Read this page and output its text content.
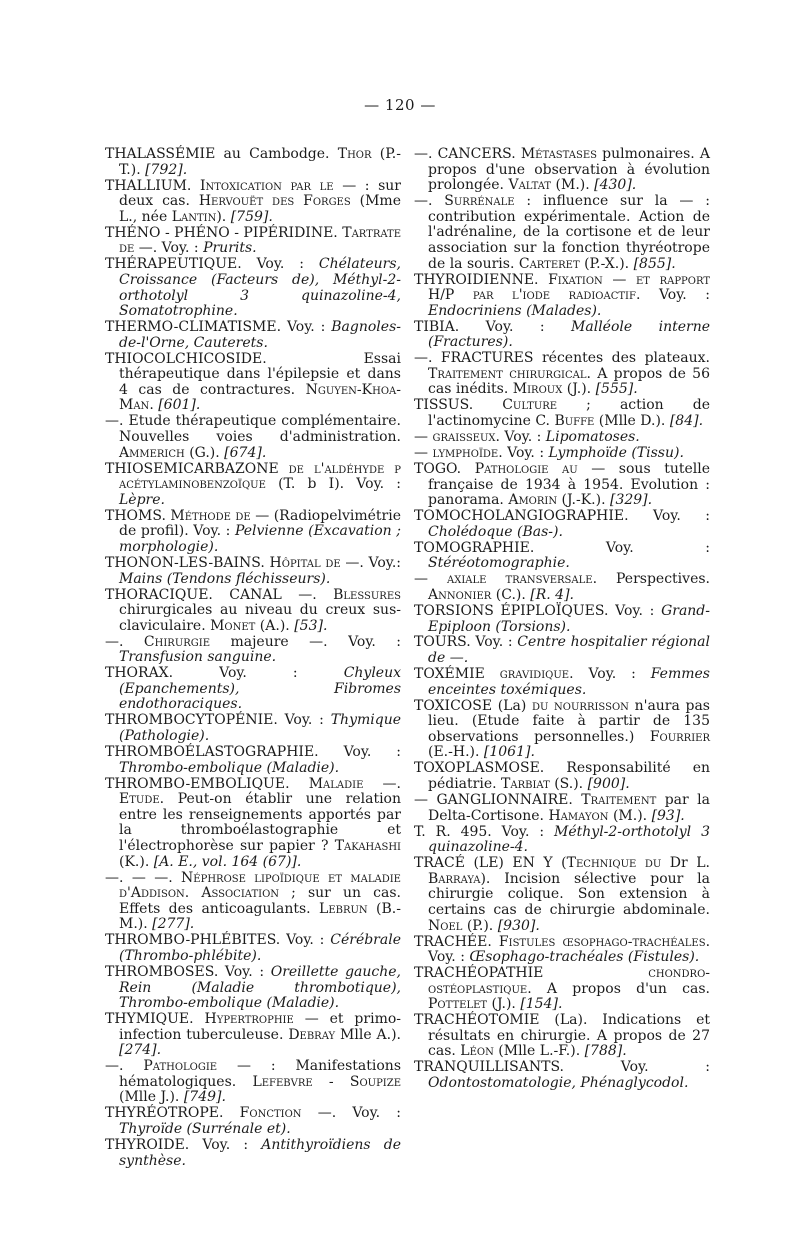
— 120 —

THALASSÉMIE au Cambodge. Thor (P.-T.). [792].

THALLIUM. Intoxication par le — : sur deux cas. Hervouët des Forges (Mme L., née Lantin). [759].

THÉNO - PHÉNO - PIPÉRIDINE. Tartrate de —. Voy. : Prurits.

THÉRAPEUTIQUE. Voy. : Chélateurs, Croissance (Facteurs de), Méthyl-2-orthotolyl 3 quinazoline-4, Somatotrophine.

THERMO-CLIMATISME. Voy. : Bagnoles-de-l'Orne, Cauterets.

THIOCOLCHICOSIDE. Essai thérapeutique dans l'épilepsie et dans 4 cas de contractures. Nguyen-Khoa-Man. [601].

—. Etude thérapeutique complémentaire. Nouvelles voies d'administration. Ammerich (G.). [674].

THIOSEMICARBAZONE de l'aldéhyde p acétylaminobenzoïque (T. b I). Voy. : Lèpre.

THOMS. Méthode de — (Radiopelvimétrie de profil). Voy. : Pelvienne (Excavation ; morphologie).

THONON-LES-BAINS. Hôpital de —. Voy.: Mains (Tendons fléchisseurs).

THORACIQUE. CANAL —. Blessures chirurgicales au niveau du creux sus-claviculaire. Monet (A.). [53].

—. Chirurgie majeure —. Voy. : Transfusion sanguine.

THORAX. Voy. : Chyleux (Epanchements), Fibromes endothoraciques.

THROMBOCYTOPÉNIE. Voy. : Thymique (Pathologie).

THROMBOÉLASTOGRAPHIE. Voy. : Thrombo-embolique (Maladie).

THROMBO-EMBOLIQUE. Maladie —. Etude. Peut-on établir une relation entre les renseignements apportés par la thromboélastographie et l'électrophorèse sur papier ? Takahashi (K.). [A. E., vol. 164 (67)].

—. — —. Néphrose lipoïdique et maladie d'Addison. Association ; sur un cas. Effets des anticoagulants. Lebrun (B.-M.). [277].

THROMBO-PHLÉBITES. Voy. : Cérébrale (Thrombo-phlébite).

THROMBOSES. Voy. : Oreillette gauche, Rein (Maladie thrombotique), Thrombo-embolique (Maladie).

THYMIQUE. Hypertrophie — et primo-infection tuberculeuse. Debray Mlle A.). [274].

—. Pathologie — : Manifestations hématologiques. Lefebvre - Soupize (Mlle J.). [749].

THYRÉOTROPE. Fonction —. Voy. : Thyroïde (Surrénale et).

THYROIDE. Voy. : Antithyroïdiens de synthèse.

—. CANCERS. Métastases pulmonaires. A propos d'une observation à évolution prolongée. Valtat (M.). [430].

—. Surrénale : influence sur la — : contribution expérimentale. Action de l'adrénaline, de la cortisone et de leur association sur la fonction thyréotrope de la souris. Carteret (P.-X.). [855].

THYROIDIENNE. Fixation — et rapport H/P par l'iode radioactif. Voy. : Endocriniens (Malades).

TIBIA. Voy. : Malléole interne (Fractures).

—. FRACTURES récentes des plateaux. Traitement chirurgical. A propos de 56 cas inédits. Miroux (J.). [555].

TISSUS. Culture ; action de l'actinomycine C. Buffe (Mlle D.). [84].

— graisseux. Voy. : Lipomatoses.

— lymphoïde. Voy. : Lymphoïde (Tissu).

TOGO. Pathologie au — sous tutelle française de 1934 à 1954. Evolution : panorama. Amorin (J.-K.). [329].

TOMOCHOLANGIOGRAPHIE. Voy. : Cholédoque (Bas-).

TOMOGRAPHIE. Voy. : Stéréotomographie.

— axiale transversale. Perspectives. Annonier (C.). [R. 4].

TORSIONS ÉPIPLOÏQUES. Voy. : Grand-Epiploon (Torsions).

TOURS. Voy. : Centre hospitalier régional de —.

TOXÉMIE gravidique. Voy. : Femmes enceintes toxémiques.

TOXICOSE (La) du nourrisson n'aura pas lieu. (Etude faite à partir de 135 observations personnelles.) Fourrier (E.-H.). [1061].

TOXOPLASMOSE. Responsabilité en pédiatrie. Tarbiat (S.). [900].

— GANGLIONNAIRE. Traitement par la Delta-Cortisone. Hamayon (M.). [93].

T. R. 495. Voy. : Méthyl-2-orthotolyl 3 quinazoline-4.

TRACÉ (LE) EN Y (Technique du Dr L. Barraya). Incision sélective pour la chirurgie colique. Son extension à certains cas de chirurgie abdominale. Noel (P.). [930].

TRACHÉE. Fistules œsophago-trachéales. Voy. : Œsophago-trachéales (Fistules).

TRACHÉOPATHIE chondro-ostéoplastique. A propos d'un cas. Pottelet (J.). [154].

TRACHÉOTOMIE (La). Indications et résultats en chirurgie. A propos de 27 cas. Léon (Mlle L.-F.). [788].

TRANQUILLISANTS. Voy. : Odontostomatologie, Phénaglycodol.
